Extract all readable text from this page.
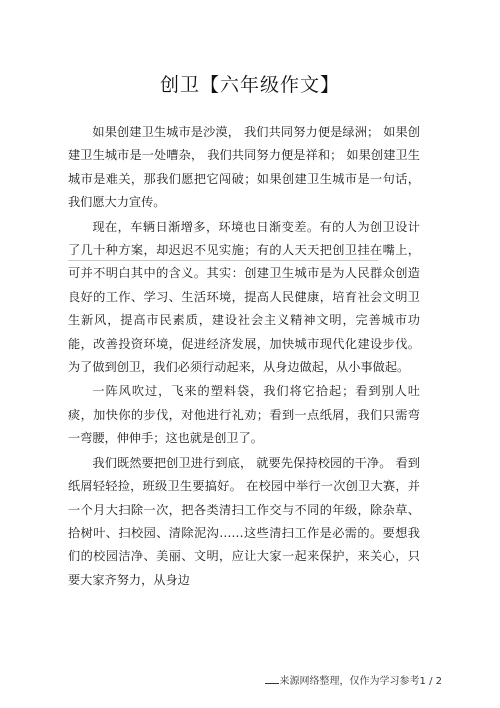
创卫【六年级作文】

如果创建卫生城市是沙漠， 我们共同努力便是绿洲； 如果创建卫生城市是一处嘈杂， 我们共同努力便是祥和； 如果创建卫生城市是难关，那我们愿把它闯破；如果创建卫生城市是一句话，我们愿大力宣传。

现在，车辆日渐增多，环境也日渐变差。有的人为创卫设计了几十种方案，却迟迟不见实施；有的人天天把创卫挂在嘴上，可并不明白其中的含义。其实：创建卫生城市是为人民群众创造良好的工作、学习、生活环境，提高人民健康，培育社会文明卫生新风，提高市民素质，建设社会主义精神文明，完善城市功能，改善投资环境，促进经济发展，加快城市现代化建设步伐。为了做到创卫，我们必须行动起来，从身边做起，从小事做起。

一阵风吹过，飞来的塑料袋，我们将它拾起；看到别人吐痰，加快你的步伐，对他进行礼劝；看到一点纸屑，我们只需弯一弯腰，伸伸手；这也就是创卫了。

我们既然要把创卫进行到底， 就要先保持校园的干净。 看到纸屑轻轻捡，班级卫生要搞好。 在校园中举行一次创卫大赛，并一个月大扫除一次，把各类清扫工作交与不同的年级，除杂草、拾树叶、扫校园、清除泥沟……这些清扫工作是必需的。要想我们的校园洁净、美丽、文明，应让大家一起来保护，来关心，只要大家齐努力，从身边

来源网络整理，仅作为学习参考1 / 2
